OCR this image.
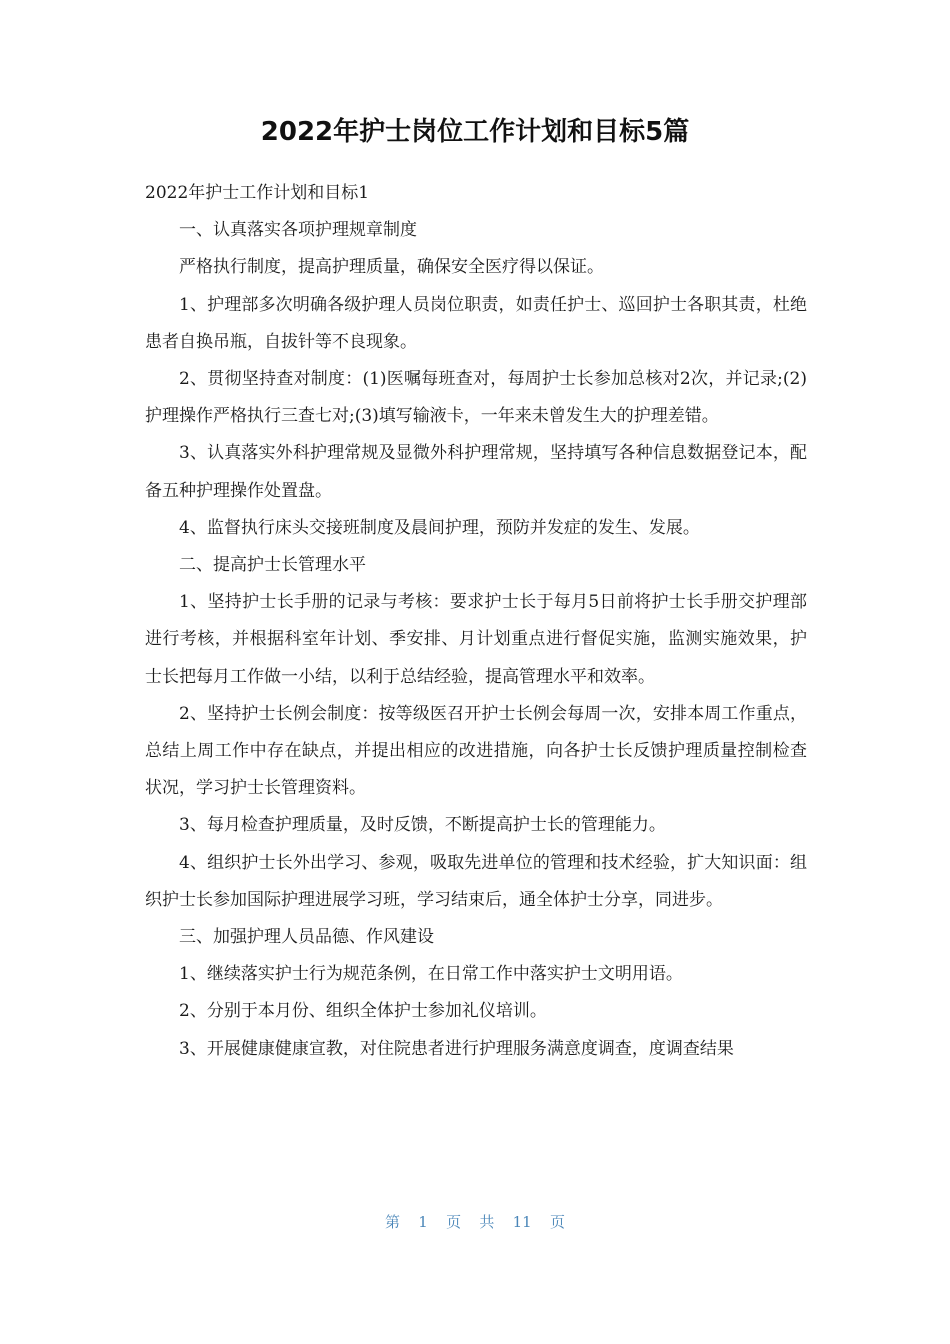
2022年护士岗位工作计划和目标5篇

2022年护士工作计划和目标1

一、认真落实各项护理规章制度

严格执行制度，提高护理质量，确保安全医疗得以保证。

1、护理部多次明确各级护理人员岗位职责，如责任护士、巡回护士各职其责，杜绝患者自换吊瓶，自拔针等不良现象。

2、贯彻坚持查对制度：(1)医嘱每班查对，每周护士长参加总核对2次，并记录;(2)护理操作严格执行三查七对;(3)填写输液卡，一年来未曾发生大的护理差错。

3、认真落实外科护理常规及显微外科护理常规，坚持填写各种信息数据登记本，配备五种护理操作处置盘。

4、监督执行床头交接班制度及晨间护理，预防并发症的发生、发展。

二、提高护士长管理水平

1、坚持护士长手册的记录与考核：要求护士长于每月5日前将护士长手册交护理部进行考核，并根据科室年计划、季安排、月计划重点进行督促实施，监测实施效果，护士长把每月工作做一小结，以利于总结经验，提高管理水平和效率。

2、坚持护士长例会制度：按等级医召开护士长例会每周一次，安排本周工作重点，总结上周工作中存在缺点，并提出相应的改进措施，向各护士长反馈护理质量控制检查状况，学习护士长管理资料。

3、每月检查护理质量，及时反馈，不断提高护士长的管理能力。

4、组织护士长外出学习、参观，吸取先进单位的管理和技术经验，扩大知识面：组织护士长参加国际护理进展学习班，学习结束后，通全体护士分享，同进步。

三、加强护理人员品德、作风建设

1、继续落实护士行为规范条例，在日常工作中落实护士文明用语。

2、分别于本月份、组织全体护士参加礼仪培训。

3、开展健康健康宣教，对住院患者进行护理服务满意度调查，度调查结果

第 1 页 共 11 页
